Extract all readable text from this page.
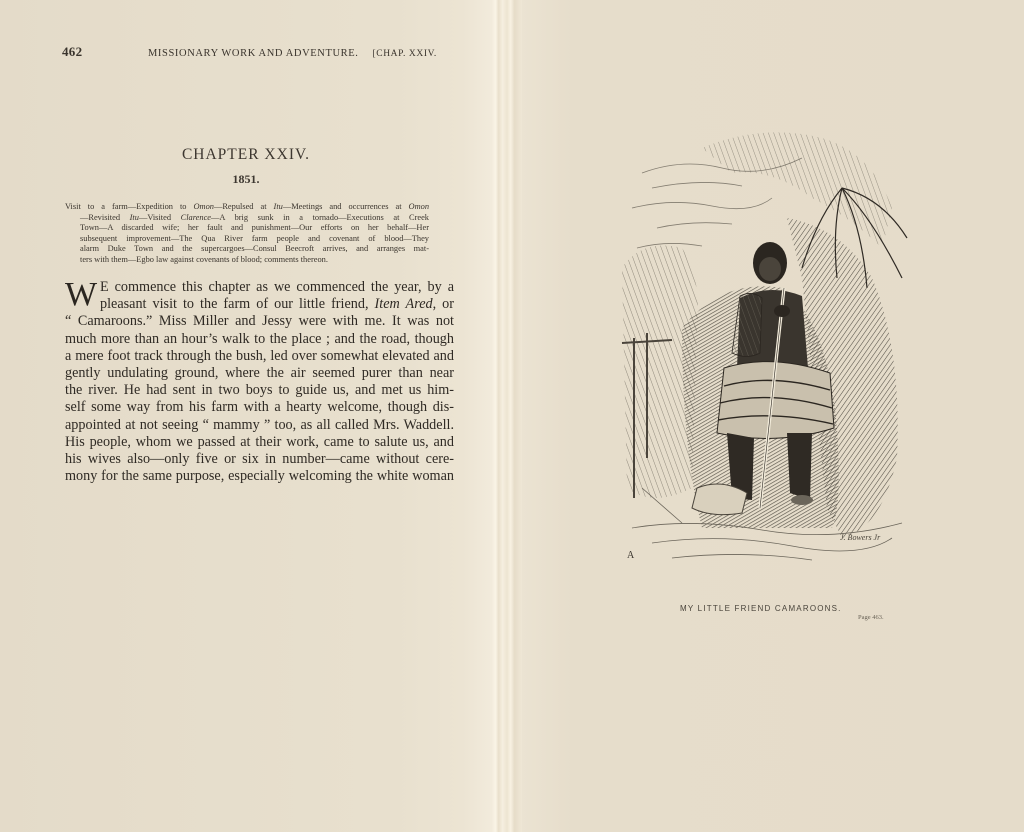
462	MISSIONARY WORK AND ADVENTURE. [CHAP. XXIV.
CHAPTER XXIV.
1851.
Visit to a farm—Expedition to Omon—Repulsed at Itu—Meetings and occurrences at Omon
—Revisited Itu—Visited Clarence—A brig sunk in a tornado—Executions at Creek
Town—A discarded wife; her fault and punishment—Our efforts on her behalf—Her
subsequent improvement—The Qua River farm people and covenant of blood—They
alarm Duke Town and the supercargoes—Consul Beecroft arrives, and arranges mat-
ters with them—Egbo law against covenants of blood; comments thereon.
W E commence this chapter as we commenced the year, by a
pleasant visit to the farm of our little friend, Item Ared, or
“ Camaroons.” Miss Miller and Jessy were with me. It was not
much more than an hour’s walk to the place ; and the road, though
a mere foot track through the bush, led over somewhat elevated and
gently undulating ground, where the air seemed purer than near
the river. He had sent in two boys to guide us, and met us him-
self some way from his farm with a hearty welcome, though dis-
appointed at not seeing “ mammy ” too, as all called Mrs. Waddell.
His people, whom we passed at their work, came to salute us, and
his wives also—only five or six in number—came without cere-
mony for the same purpose, especially welcoming the white woman
A
J. Bowers Jr
MY LITTLE FRIEND CAMAROONS.
Page 463.
